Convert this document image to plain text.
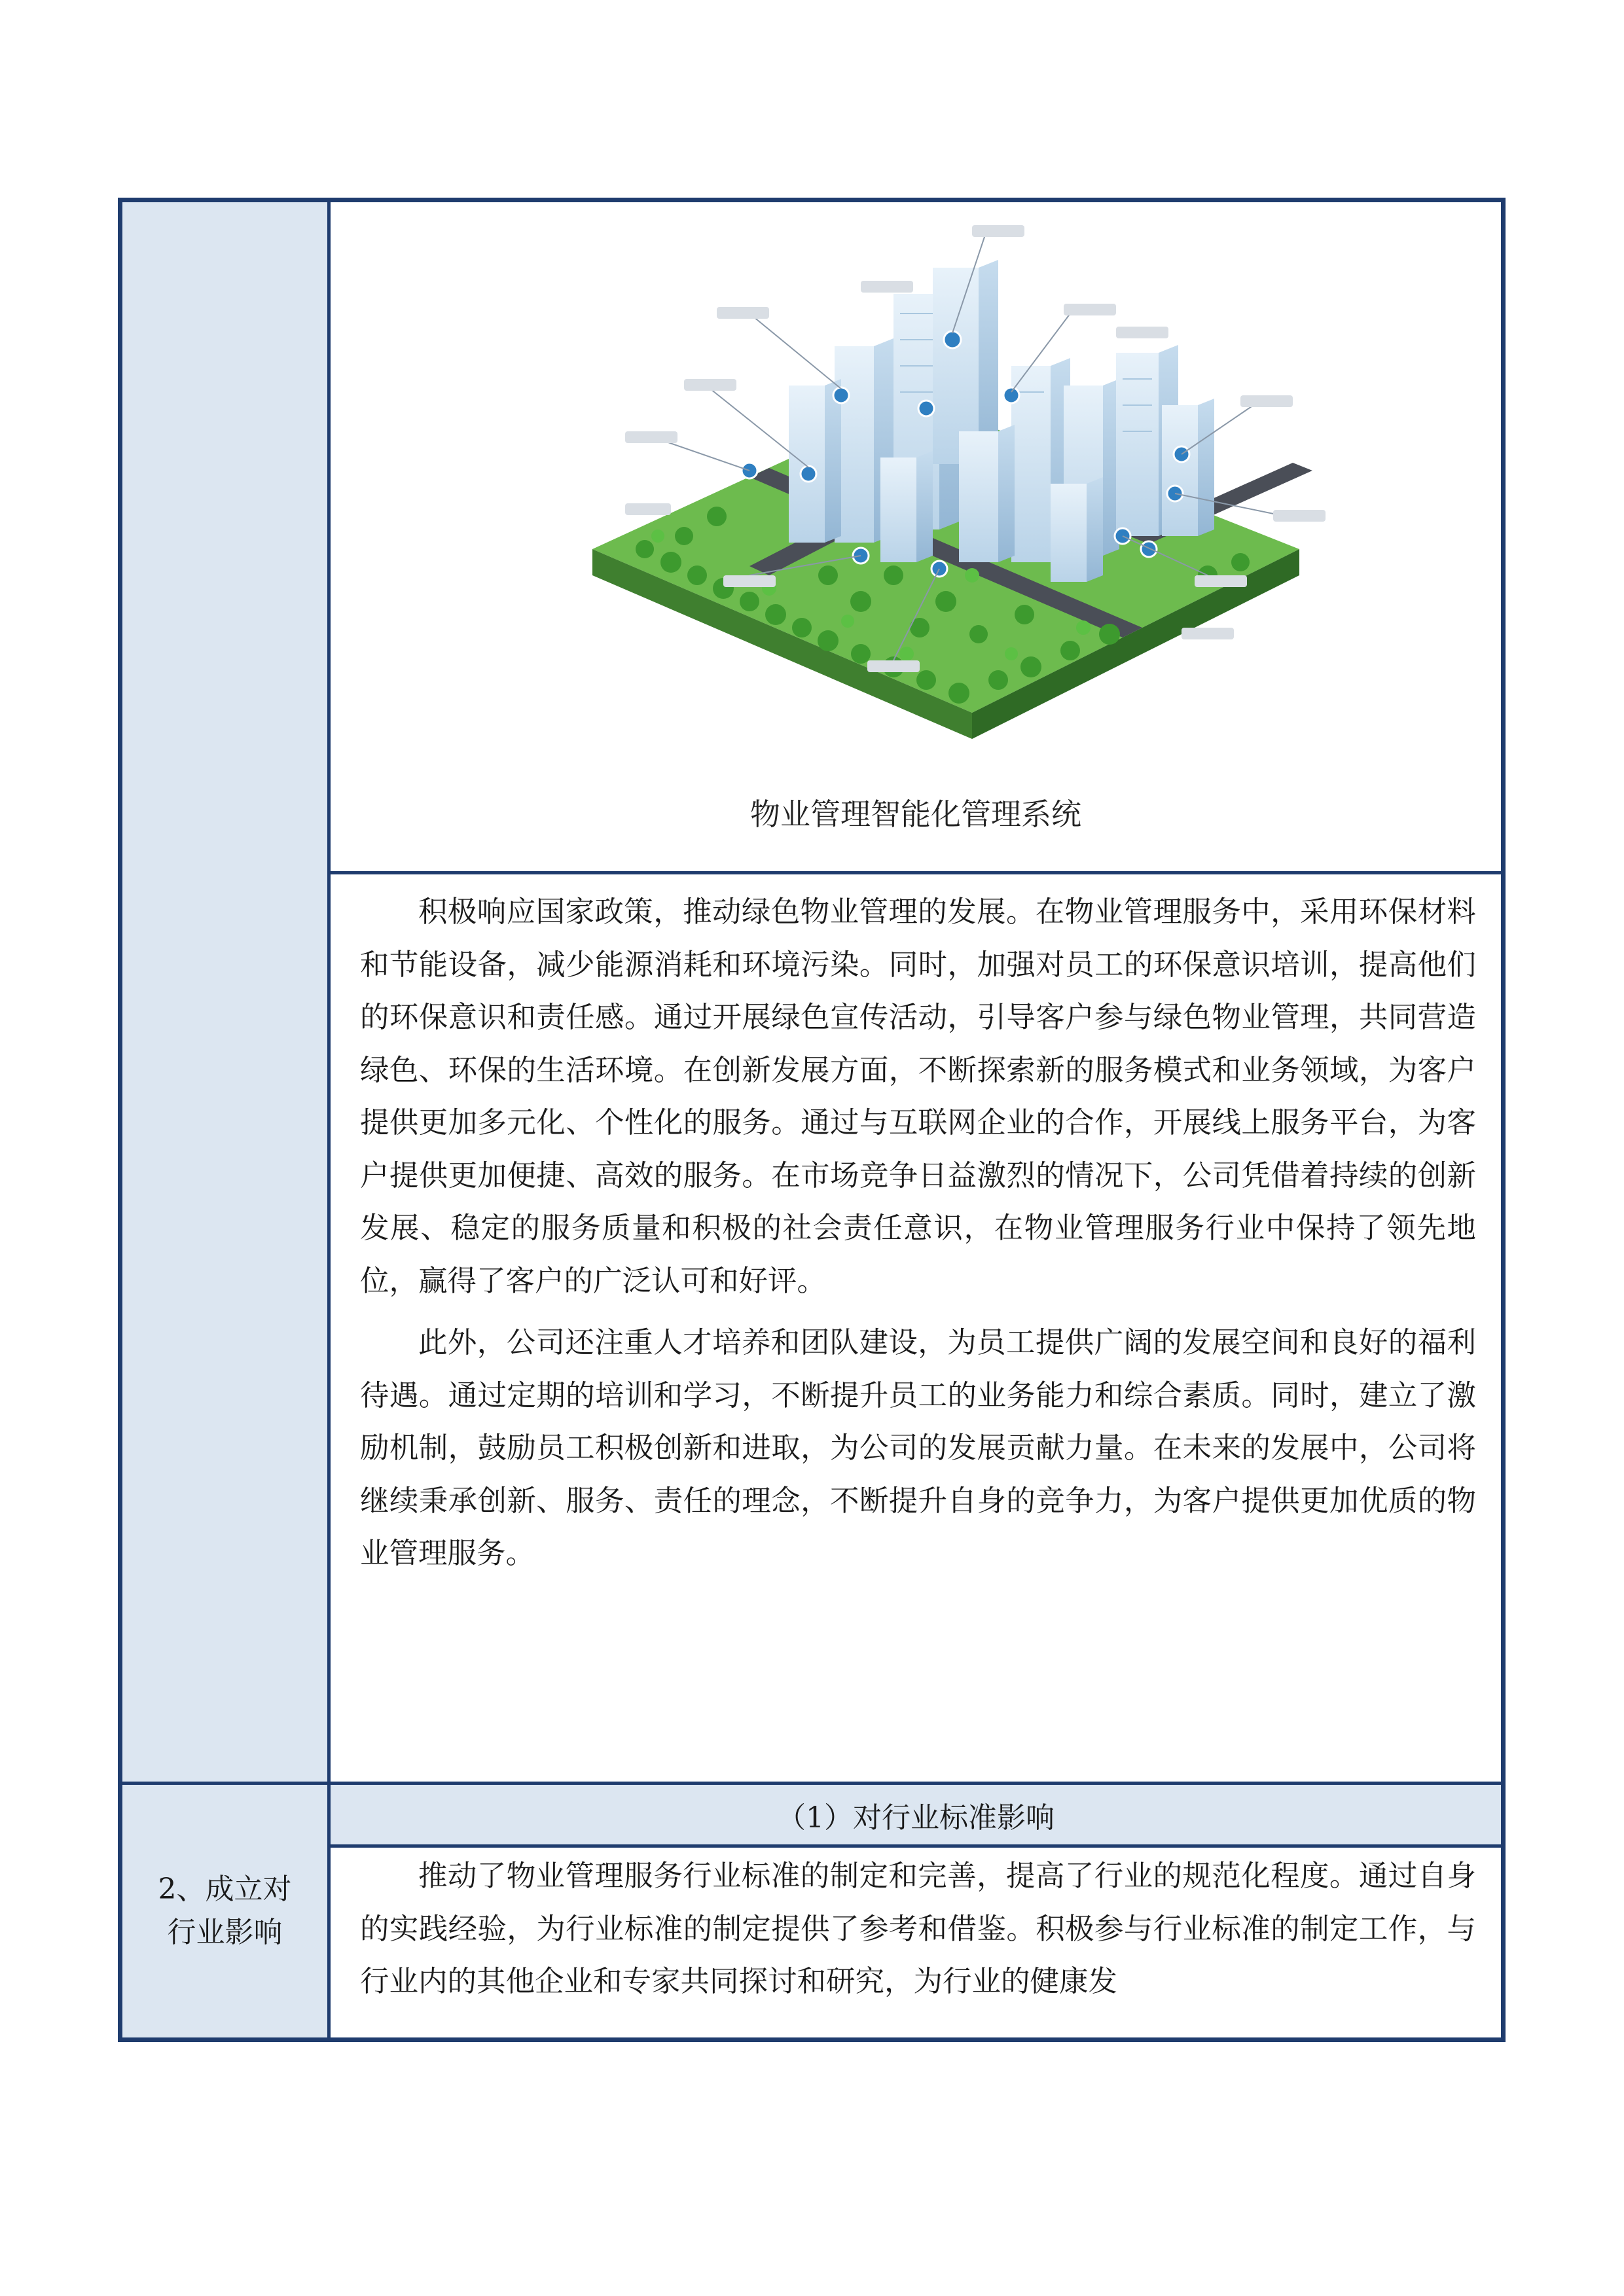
2、成立对
行业影响
物业管理智能化管理系统

积极响应国家政策，推动绿色物业管理的发展。在物业管理服务中，采用环保材料和节能设备，减少能源消耗和环境污染。同时，加强对员工的环保意识培训，提高他们的环保意识和责任感。通过开展绿色宣传活动，引导客户参与绿色物业管理，共同营造绿色、环保的生活环境。在创新发展方面，不断探索新的服务模式和业务领域，为客户提供更加多元化、个性化的服务。通过与互联网企业的合作，开展线上服务平台，为客户提供更加便捷、高效的服务。在市场竞争日益激烈的情况下，公司凭借着持续的创新发展、稳定的服务质量和积极的社会责任意识，在物业管理服务行业中保持了领先地位，赢得了客户的广泛认可和好评。

此外，公司还注重人才培养和团队建设，为员工提供广阔的发展空间和良好的福利待遇。通过定期的培训和学习，不断提升员工的业务能力和综合素质。同时，建立了激励机制，鼓励员工积极创新和进取，为公司的发展贡献力量。在未来的发展中，公司将继续秉承创新、服务、责任的理念，不断提升自身的竞争力，为客户提供更加优质的物业管理服务。

（1）对行业标准影响

推动了物业管理服务行业标准的制定和完善，提高了行业的规范化程度。通过自身的实践经验，为行业标准的制定提供了参考和借鉴。积极参与行业标准的制定工作，与行业内的其他企业和专家共同探讨和研究，为行业的健康发
